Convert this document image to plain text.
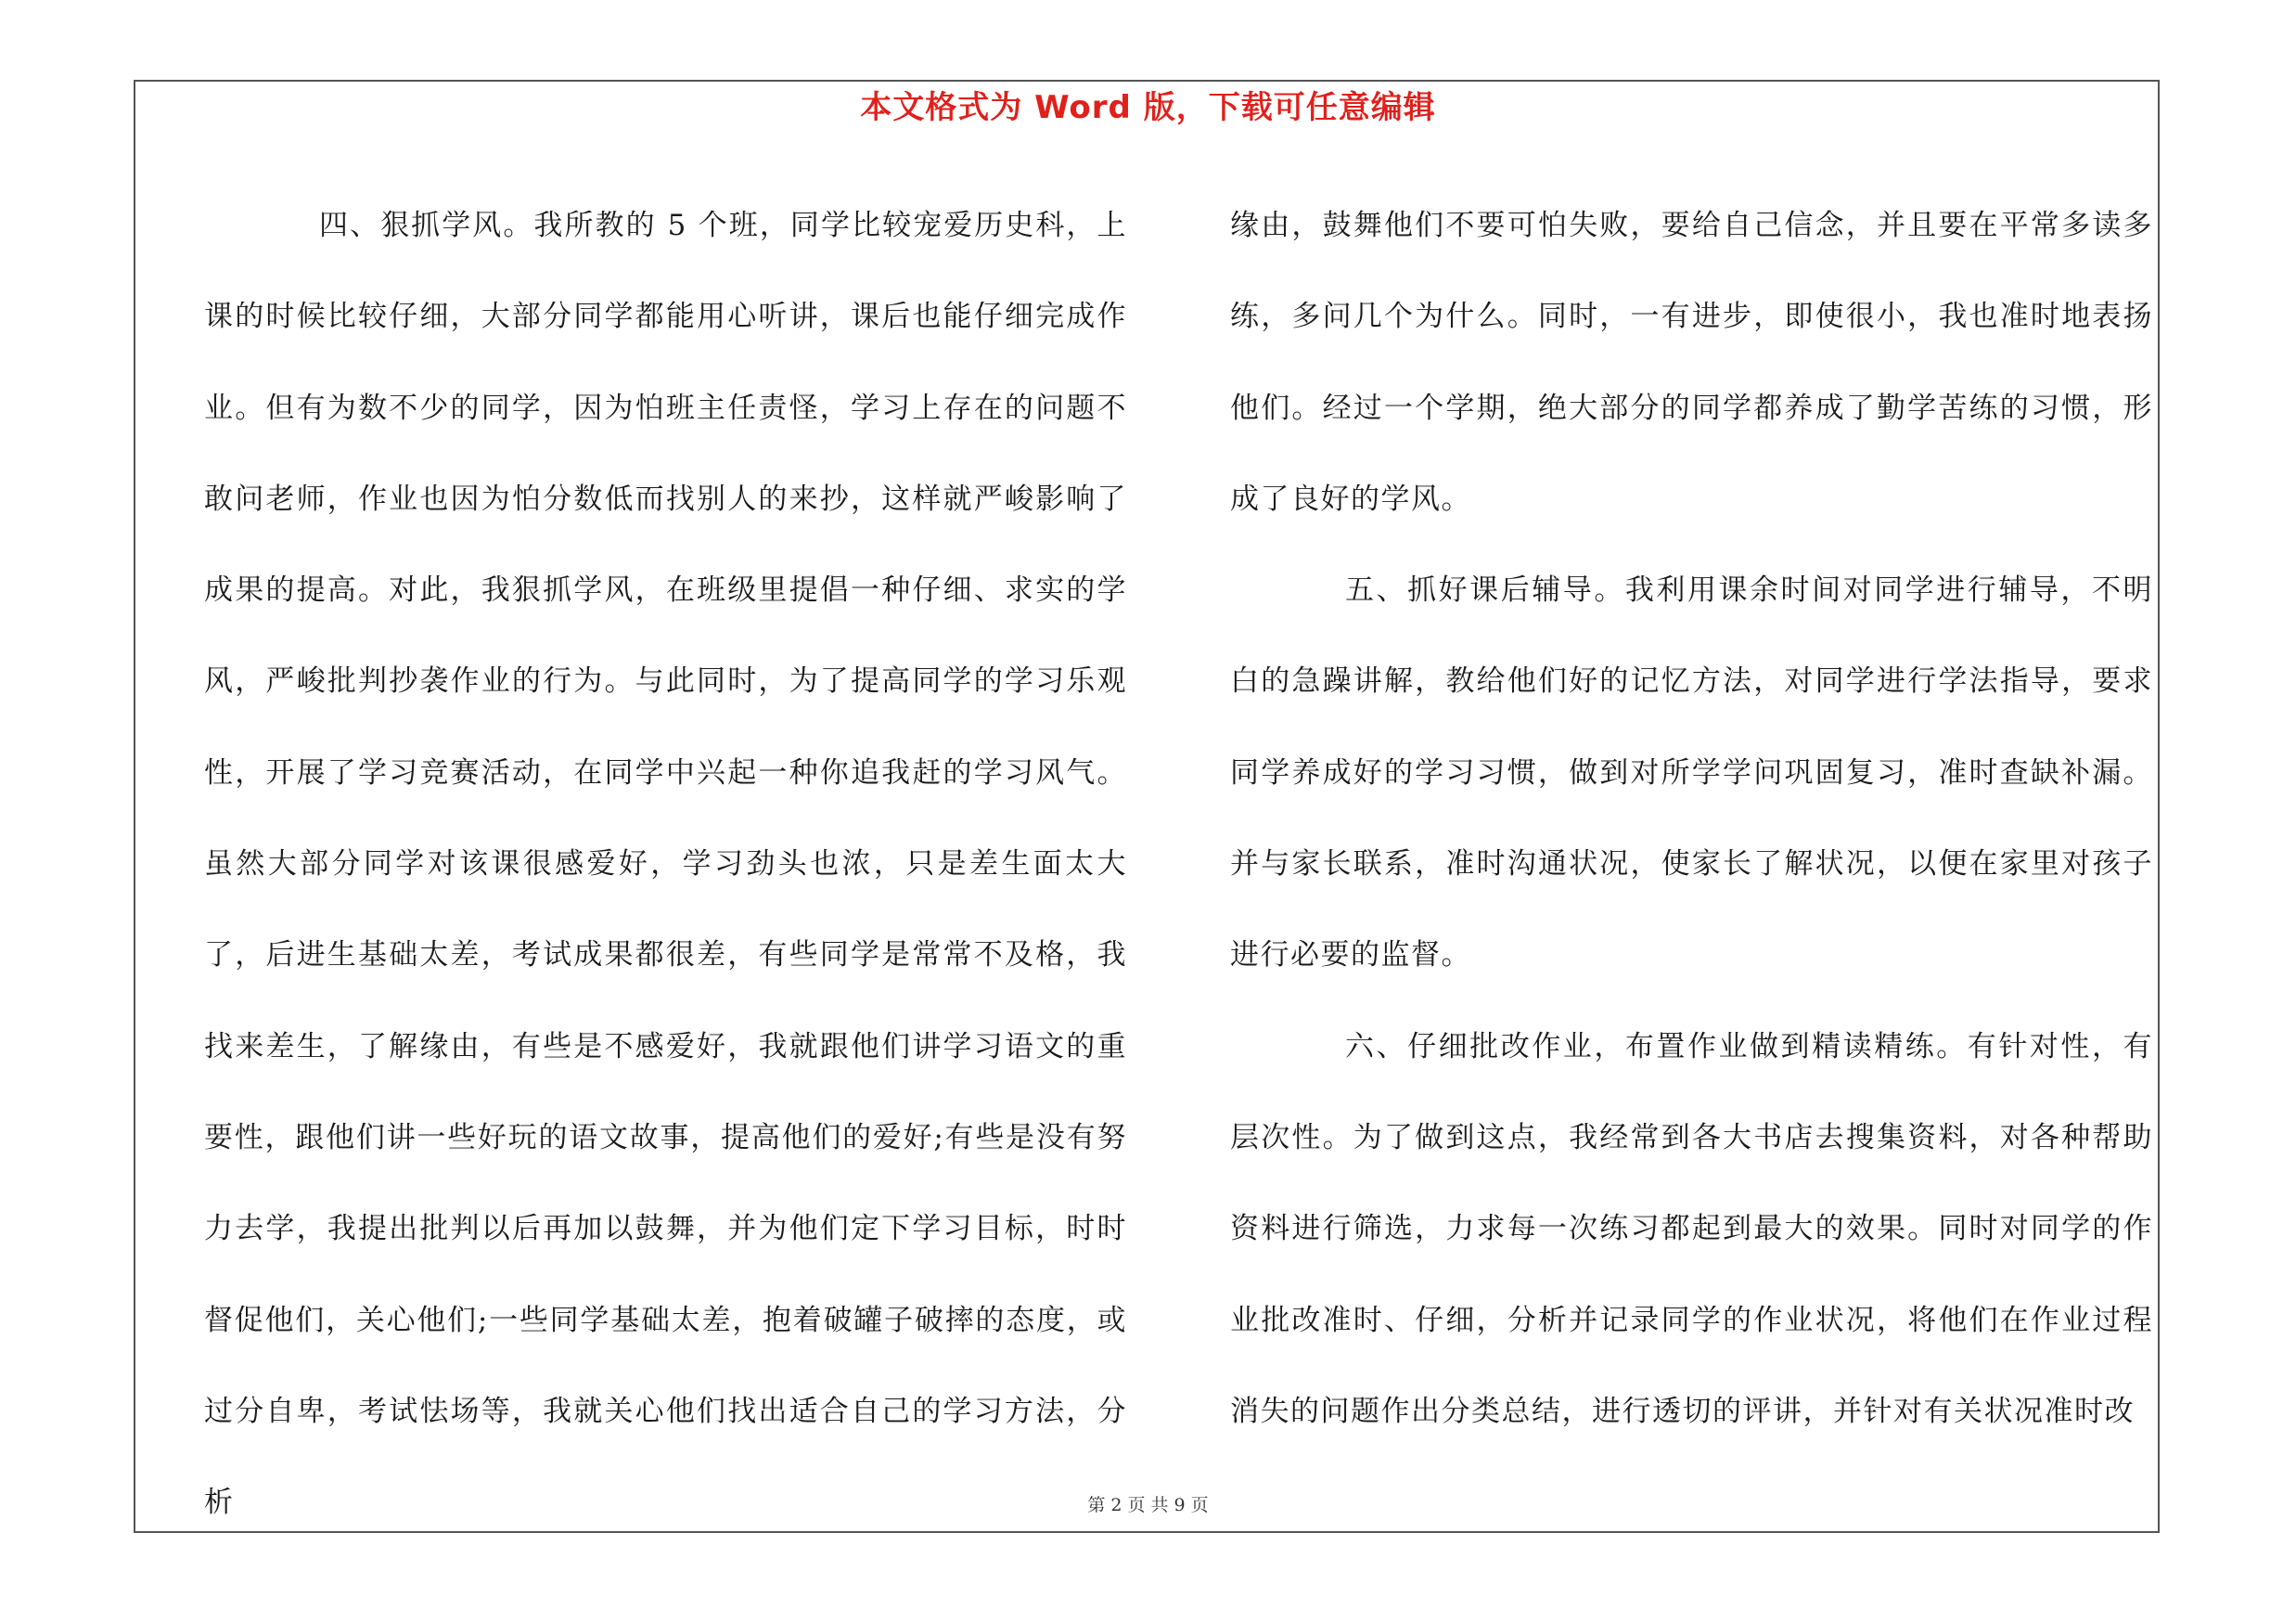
本文格式为 Word 版，下载可任意编辑

四、狠抓学风。我所教的 5 个班，同学比较宠爱历史科，上课的时候比较仔细，大部分同学都能用心听讲，课后也能仔细完成作业。但有为数不少的同学，因为怕班主任责怪，学习上存在的问题不敢问老师，作业也因为怕分数低而找别人的来抄，这样就严峻影响了成果的提高。对此，我狠抓学风，在班级里提倡一种仔细、求实的学风，严峻批判抄袭作业的行为。与此同时，为了提高同学的学习乐观性，开展了学习竞赛活动，在同学中兴起一种你追我赶的学习风气。虽然大部分同学对该课很感爱好，学习劲头也浓，只是差生面太大了，后进生基础太差，考试成果都很差，有些同学是常常不及格，我找来差生，了解缘由，有些是不感爱好，我就跟他们讲学习语文的重要性，跟他们讲一些好玩的语文故事，提高他们的爱好;有些是没有努力去学，我提出批判以后再加以鼓舞，并为他们定下学习目标，时时督促他们，关心他们;一些同学基础太差，抱着破罐子破摔的态度，或过分自卑，考试怯场等，我就关心他们找出适合自己的学习方法，分析

缘由，鼓舞他们不要可怕失败，要给自己信念，并且要在平常多读多练，多问几个为什么。同时，一有进步，即使很小，我也准时地表扬他们。经过一个学期，绝大部分的同学都养成了勤学苦练的习惯，形成了良好的学风。

五、抓好课后辅导。我利用课余时间对同学进行辅导，不明白的急躁讲解，教给他们好的记忆方法，对同学进行学法指导，要求同学养成好的学习习惯，做到对所学学问巩固复习，准时查缺补漏。并与家长联系，准时沟通状况，使家长了解状况，以便在家里对孩子进行必要的监督。

六、仔细批改作业，布置作业做到精读精练。有针对性，有层次性。为了做到这点，我经常到各大书店去搜集资料，对各种帮助资料进行筛选，力求每一次练习都起到最大的效果。同时对同学的作业批改准时、仔细，分析并记录同学的作业状况，将他们在作业过程消失的问题作出分类总结，进行透切的评讲，并针对有关状况准时改

第 2 页 共 9 页
